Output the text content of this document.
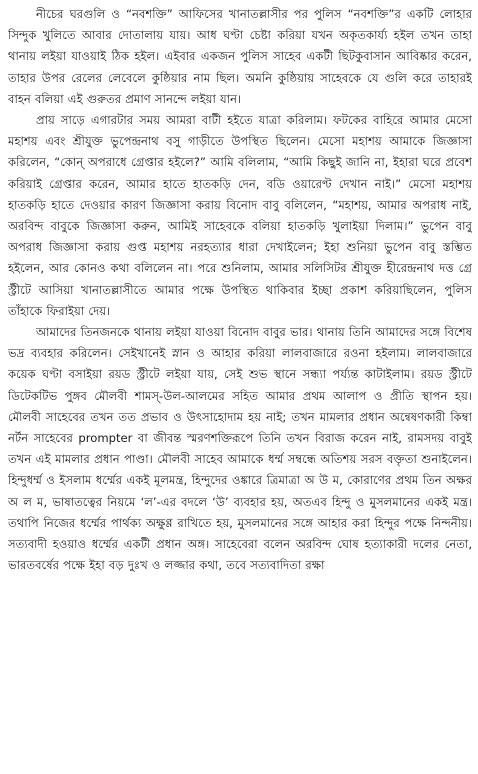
নীচের ঘরগুলি ও “নবশক্তি” আফিসের খানাতল্লাসীর পর পুলিস “নবশক্তি”র একটি লোহার সিন্দুক খুলিতে আবার দোতালায় যায়। আধ ঘণ্টা চেষ্টা করিয়া যখন অকৃতকার্য্য হইল তখন তাহা থানায় লইয়া যাওয়াই ঠিক হইল। এইবার একজন পুলিস সাহেব একটী ছিটকুবাসান আবিষ্কার করেন, তাহার উপর রেলের লেবেলে কুষ্ঠিয়ার নাম ছিল। অমনি কুষ্ঠিয়ায় সাহেবকে যে গুলি করে তাহারই বাহন বলিয়া এই গুরুতর প্রমাণ সানন্দে লইয়া যান।

প্রায় সাড়ে এগারটার সময় আমরা বাটী হইতে যাত্রা করিলাম। ফটকের বাহিরে আমার মেসো মহাশয় এবং শ্রীযুক্ত ভুপেন্দ্রনাথ বসু গাড়ীতে উপস্থিত ছিলেন। মেসো মহাশয় আমাকে জিজ্ঞাসা করিলেন, “কোন্ অপরাধে গ্রেপ্তার হইলে?” আমি বলিলাম, “আমি কিছুই জানি না, ইহারা ঘরে প্রবেশ করিয়াই গ্রেপ্তার করেন, আমার হাতে হাতকড়ি দেন, বডি ওয়ারেণ্ট দেখান নাই।” মেসো মহাশয় হাতকড়ি হাতে দেওয়ার কারণ জিজ্ঞাসা করায় বিনোদ বাবু বলিলেন, “মহাশয়, আমার অপরাধ নাই, অরবিন্দ বাবুকে জিজ্ঞাসা করুন, আমিই সাহেবকে বলিয়া হাতকড়ি খুলাইয়া দিলাম।” ভুপেন বাবু অপরাধ জিজ্ঞাসা করায় গুপ্ত মহাশয় নরহত্যার ধারা দেখাইলেন; ইহা শুনিয়া ভুপেন বাবু স্তম্ভিত হইলেন, আর কোনও কথা বলিলেন না। পরে শুনিলাম, আমার সলিসিটর শ্রীযুক্ত হীরেন্দ্রনাথ দত্ত গ্রে স্ট্রীটে আসিয়া খানাতল্লাসীতে আমার পক্ষে উপস্থিত থাকিবার ইচ্ছা প্রকাশ করিয়াছিলেন, পুলিস তাঁহাকে ফিরাইয়া দেয়।

আমাদের তিনজনকে থানায় লইয়া যাওয়া বিনোদ বাবুর ভার। থানায় তিনি আমাদের সঙ্গে বিশেষ ভদ্র ব্যবহার করিলেন। সেইখানেই স্নান ও আহার করিয়া লালবাজারে রওনা হইলাম। লালবাজারে কয়েক ঘণ্টা বসাইয়া রয়ড স্ট্রীটে লইয়া যায়, সেই শুভ স্থানে সন্ধ্যা পর্য্যন্ত কাটাইলাম। রয়ড স্ট্রীটে ডিটেকটিভ পুঙ্গব মৌলবী শামস্-উল-আলমের সহিত আমার প্রথম আলাপ ও প্রীতি স্থাপন হয়। মৌলবী সাহেবের তখন তত প্রভাব ও উৎসাহোদাম হয় নাই; তখন মামলার প্রধান অন্বেষণকারী কিম্বা নর্টন সাহেবের prompter বা জীবন্ত স্মরণশক্তিরূপে তিনি তখন বিরাজ করেন নাই, রামসদয় বাবুই তখন এই মামলার প্রধান পাণ্ডা। মৌলবী সাহেব আমাকে ধর্ম্ম সম্বন্ধে অতিশয় সরস বক্তৃতা শুনাইলেন। হিন্দুধর্ম্ম ও ইসলাম ধর্ম্মের একই মূলমন্ত্র, হিন্দুদের ওঙ্কারে ত্রিমাত্রা অ উ ম, কোরাণের প্রথম তিন অক্ষর অ ল ম, ভাষাতত্বের নিয়মে ‘ল’-এর বদলে ‘উ’ ব্যবহার হয়, অতএব হিন্দু ও মুসলমানের একই মন্ত্র। তথাপি নিজের ধর্ম্মের পার্থক্য অক্ষুণ্ণ রাখিতে হয়, মুসলমানের সঙ্গে আহার করা হিন্দুর পক্ষে নিন্দনীয়। সত্যবাদী হওয়াও ধর্ম্মের একটী প্রধান অঙ্গ। সাহেবেরা বলেন অরবিন্দ ঘোষ হত্যাকারী দলের নেতা, ভারতবর্ষের পক্ষে ইহা বড় দুঃখ ও লজ্জার কথা, তবে সত্যবাদিতা রক্ষা
